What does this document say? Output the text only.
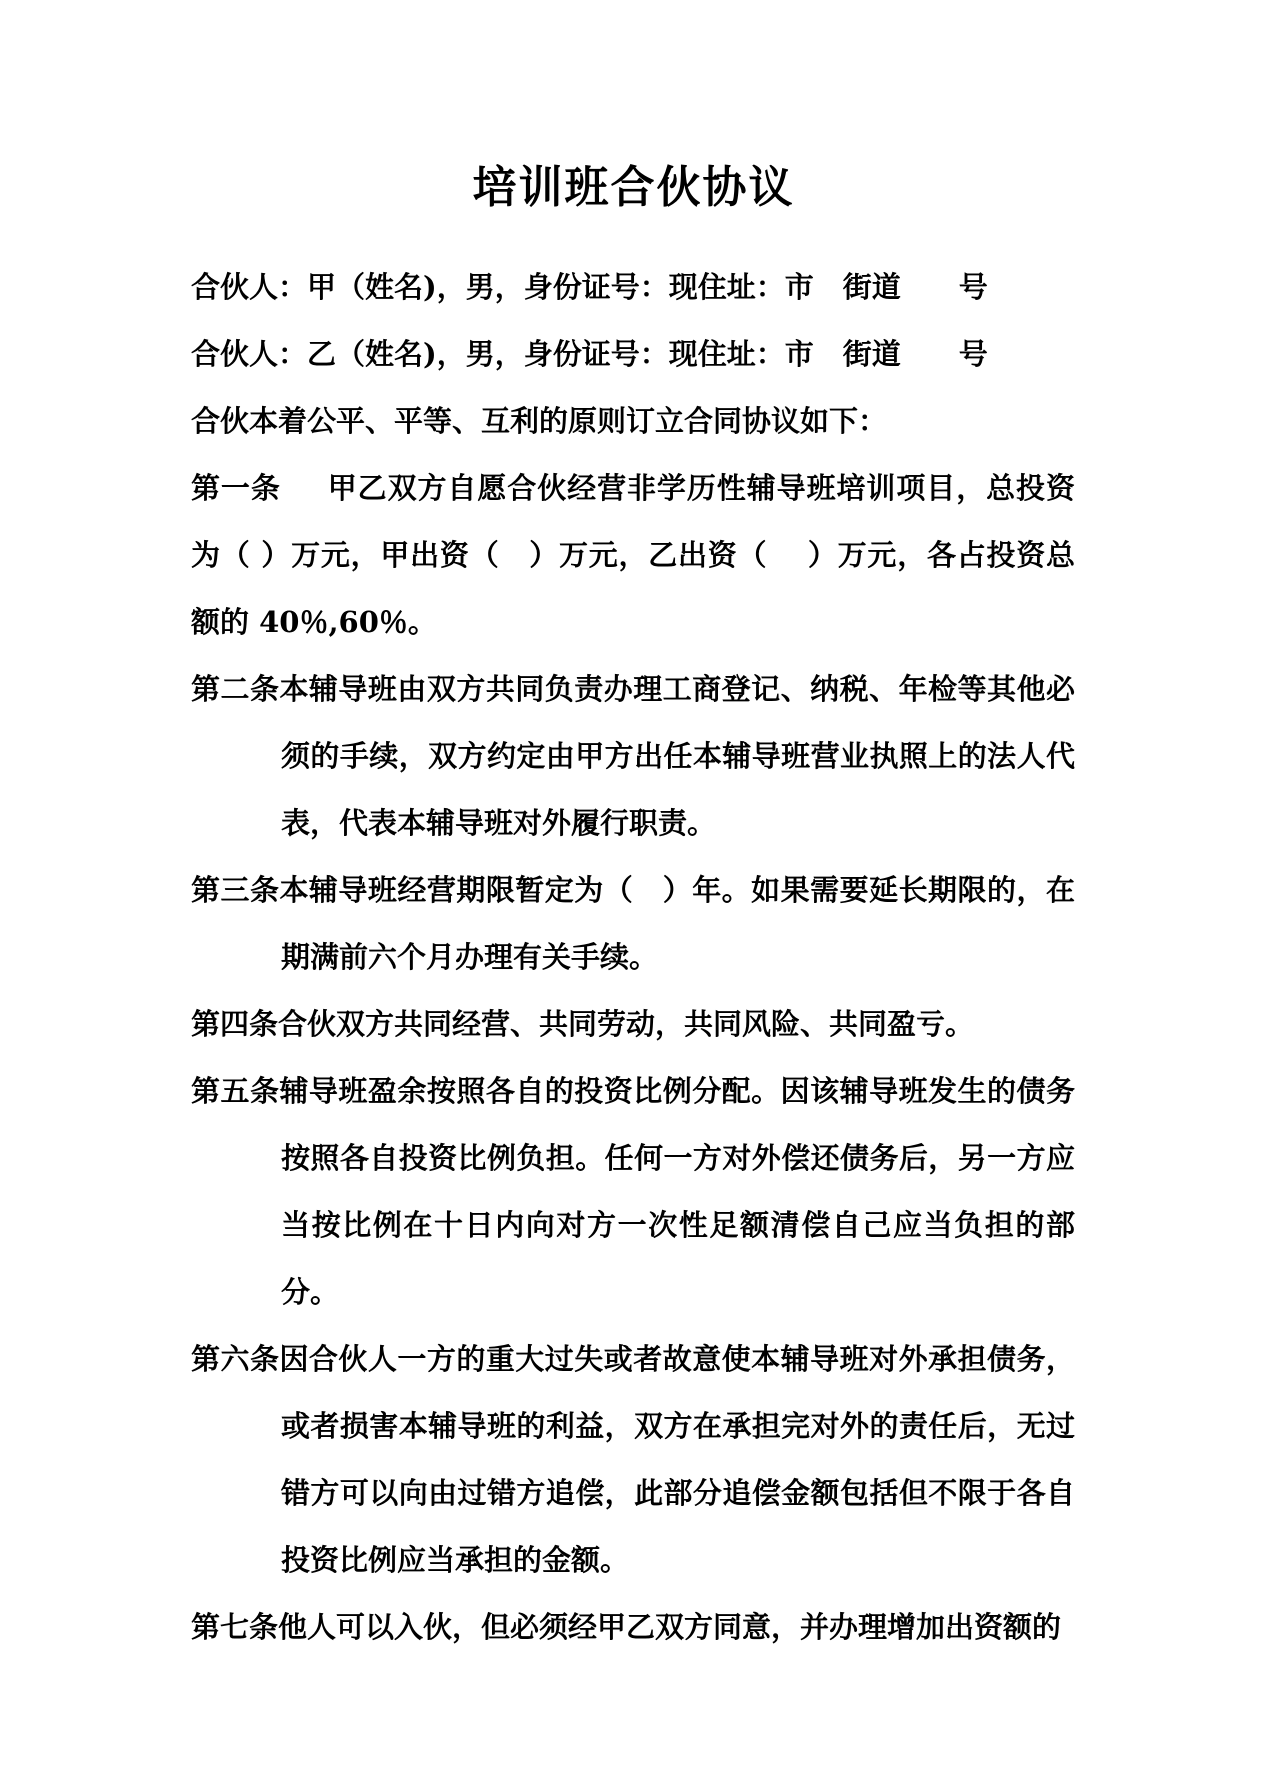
培训班合伙协议

合伙人：甲（姓名)，男，身份证号：现住址：市　街道　　号

合伙人：乙（姓名)，男，身份证号：现住址：市　街道　　号

合伙本着公平、平等、互利的原则订立合同协议如下：

第一条 甲乙双方自愿合伙经营非学历性辅导班培训项目，总投资为（ ）万元，甲出资（　）万元，乙出资（　 ）万元，各占投资总额的 40％,60％。

第二条本辅导班由双方共同负责办理工商登记、纳税、年检等其他必须的手续，双方约定由甲方出任本辅导班营业执照上的法人代表，代表本辅导班对外履行职责。

第三条本辅导班经营期限暂定为（　）年。如果需要延长期限的，在期满前六个月办理有关手续。

第四条合伙双方共同经营、共同劳动，共同风险、共同盈亏。

第五条辅导班盈余按照各自的投资比例分配。因该辅导班发生的债务按照各自投资比例负担。任何一方对外偿还债务后，另一方应当按比例在十日内向对方一次性足额清偿自己应当负担的部分。

第六条因合伙人一方的重大过失或者故意使本辅导班对外承担债务，或者损害本辅导班的利益，双方在承担完对外的责任后，无过错方可以向由过错方追偿，此部分追偿金额包括但不限于各自投资比例应当承担的金额。

第七条他人可以入伙，但必须经甲乙双方同意，并办理增加出资额的
